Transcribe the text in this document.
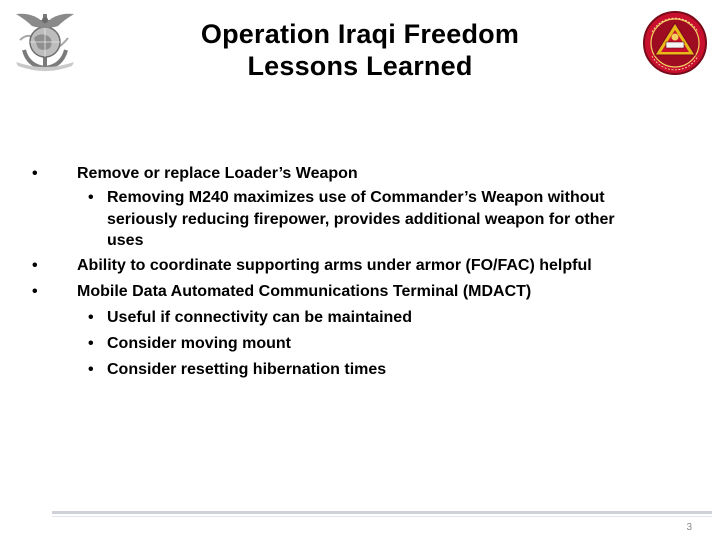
Operation Iraqi Freedom
Lessons Learned
• Remove or replace Loader’s Weapon
• Removing M240 maximizes use of Commander’s Weapon without
seriously reducing firepower, provides additional weapon for other
uses
• Ability to coordinate supporting arms under armor (FO/FAC) helpful
• Mobile Data Automated Communications Terminal (MDACT)
• Useful if connectivity can be maintained
• Consider moving mount
• Consider resetting hibernation times
3
